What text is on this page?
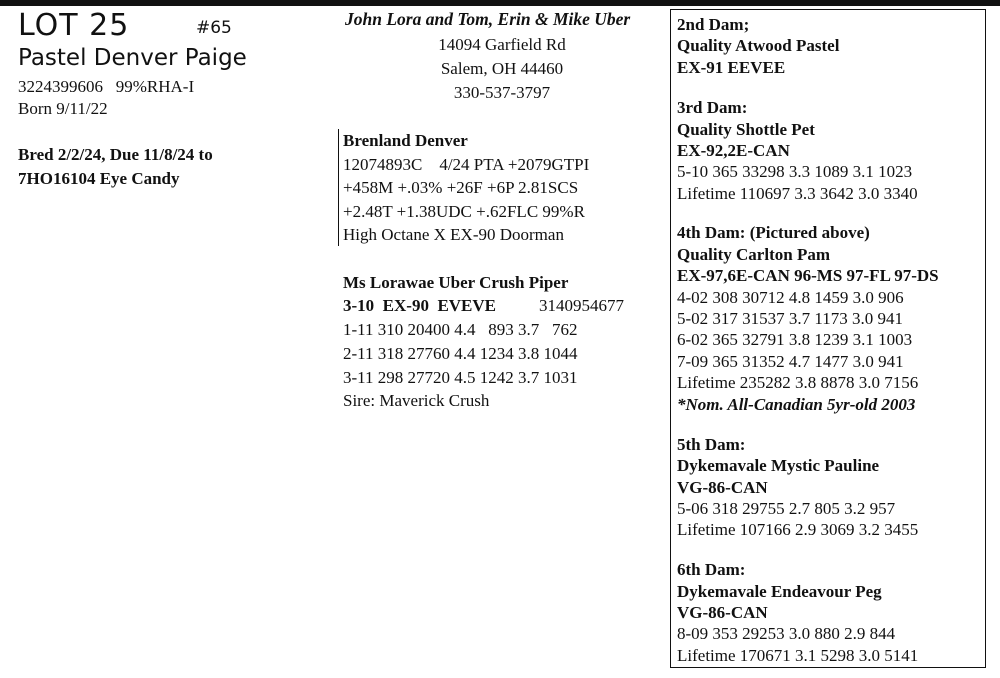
LOT 25	#65
Pastel Denver Paige
3224399606   99%RHA-I
Born 9/11/22
Bred 2/2/24, Due 11/8/24 to
7HO16104 Eye Candy
John Lora and Tom, Erin & Mike Uber
14094 Garfield Rd
Salem, OH 44460
330-537-3797
Brenland Denver
12074893C    4/24 PTA +2079GTPI
+458M +.03% +26F +6P 2.81SCS
+2.48T +1.38UDC +.62FLC 99%R
High Octane X EX-90 Doorman
Ms Lorawae Uber Crush Piper
3-10  EX-90  EVEVE	3140954677
1-11 310 20400 4.4   893 3.7   762
2-11 318 27760 4.4 1234 3.8 1044
3-11 298 27720 4.5 1242 3.7 1031
Sire: Maverick Crush
2nd Dam;
Quality Atwood Pastel
EX-91 EEVEE
3rd Dam:
Quality Shottle Pet
EX-92,2E-CAN
5-10 365 33298 3.3 1089 3.1 1023
Lifetime 110697 3.3 3642 3.0 3340
4th Dam: (Pictured above)
Quality Carlton Pam
EX-97,6E-CAN 96-MS 97-FL 97-DS
4-02 308 30712 4.8 1459 3.0 906
5-02 317 31537 3.7 1173 3.0 941
6-02 365 32791 3.8 1239 3.1 1003
7-09 365 31352 4.7 1477 3.0 941
Lifetime 235282 3.8 8878 3.0 7156
*Nom. All-Canadian 5yr-old 2003
5th Dam:
Dykemavale Mystic Pauline
VG-86-CAN
5-06 318 29755 2.7 805 3.2 957
Lifetime 107166 2.9 3069 3.2 3455
6th Dam:
Dykemavale Endeavour Peg
VG-86-CAN
8-09 353 29253 3.0 880 2.9 844
Lifetime 170671 3.1 5298 3.0 5141
